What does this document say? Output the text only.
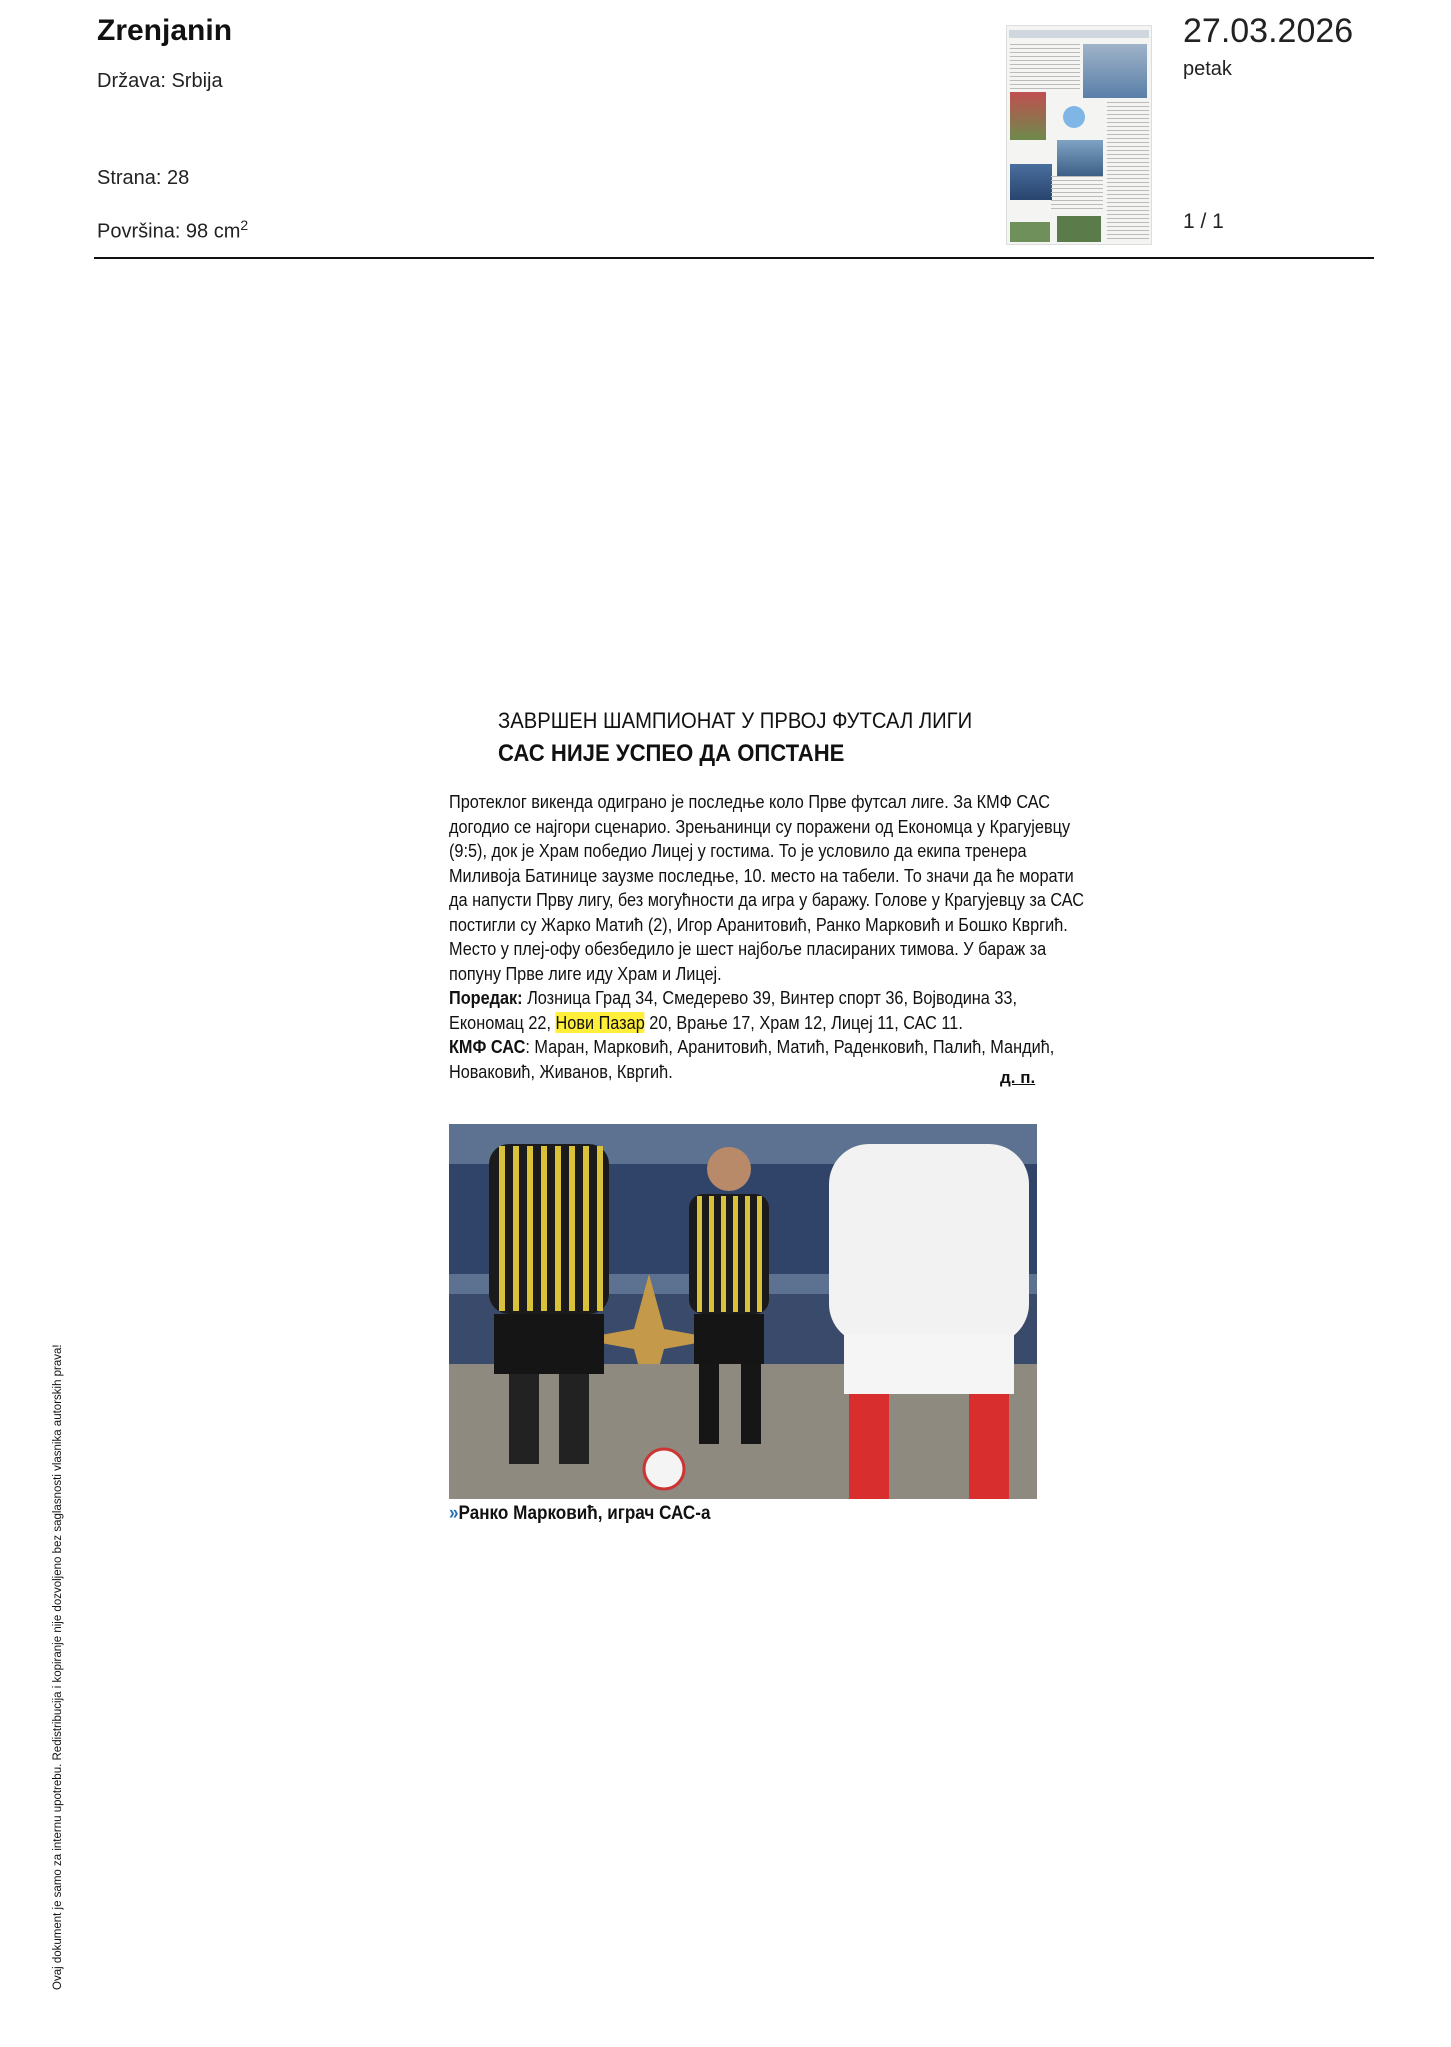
Zrenjanin
Država: Srbija
Strana: 28
Površina: 98 $cm^2$
27.03.2026
petak
1 / 1
ЗАВРШЕН ШАМПИОНАТ У ПРВОЈ ФУТСАЛ ЛИГИ
САС НИЈЕ УСПЕО ДА ОПСТАНЕ

Протеклог викенда одиграно је последње коло Прве футсал лиге. За КМФ САС

догодио се најгори сценарио. Зрењанинци су поражени од Економца у Крагујевцу

(9:5), док је Храм победио Лицеј у гостима. То је условило да екипа тренера

Миливоја Батинице заузме последње, 10. место на табели. То значи да ће морати

да напусти Прву лигу, без могућности да игра у баражу. Голове у Крагујевцу за САС

постигли су Жарко Матић (2), Игор Аранитовић, Ранко Марковић и Бошко Квргић.

Место у плеј-офу обезбедило је шест најбоље пласираних тимова. У бараж за

попуну Прве лиге иду Храм и Лицеј.

Поредак: Лозница Град 34, Смедерево 39, Винтер спорт 36, Војводина 33,

Економац 22, Нови Пазар 20, Врање 17, Храм 12, Лицеј 11, САС 11.

КМФ САС: Маран, Марковић, Аранитовић, Матић, Раденковић, Палић, Мандић,

Новаковић, Живанов, Квргић.	д. п.
»Ранко Марковић, играч САС-а
Ovaj dokument je samo za internu upotrebu. Redistribucija i kopiranje nije dozvoljeno bez saglasnosti vlasnika autorskih prava!
